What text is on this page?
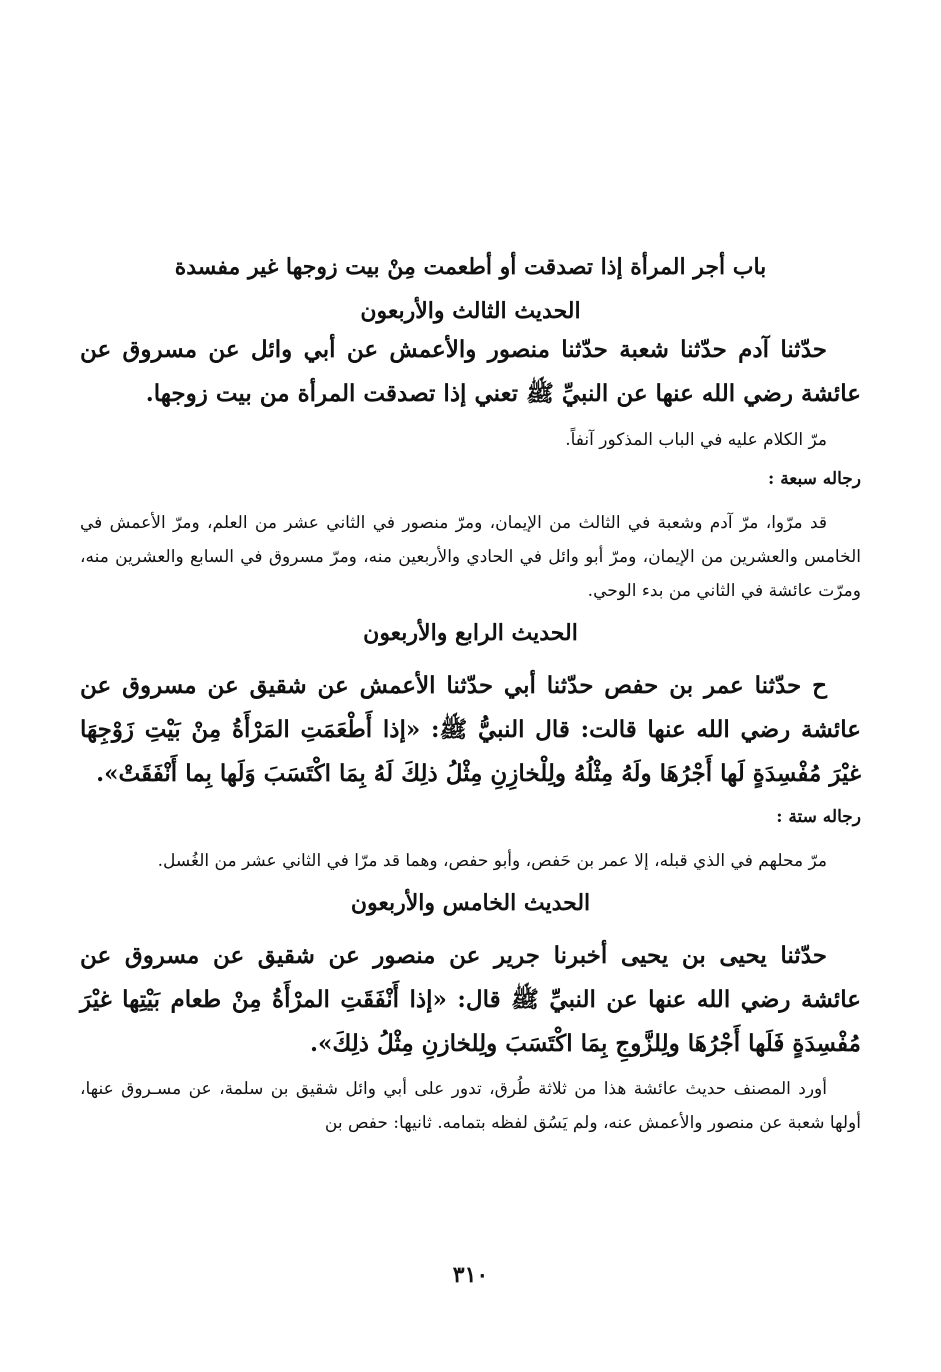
باب أجر المرأة إذا تصدقت أو أطعمت مِنْ بيت زوجها غير مفسدة

الحديث الثالث والأربعون

حدّثنا آدم حدّثنا شعبة حدّثنا منصور والأعمش عن أبي وائل عن مسروق عن عائشة رضي الله عنها عن النبيِّ ﷺ تعني إذا تصدقت المرأة من بيت زوجها.

مرّ الكلام عليه في الباب المذكور آنفاً.

رجاله سبعة :

قد مرّوا، مرّ آدم وشعبة في الثالث من الإيمان، ومرّ منصور في الثاني عشر من العلم، ومرّ الأعمش في الخامس والعشرين من الإيمان، ومرّ أبو وائل في الحادي والأربعين منه، ومرّ مسروق في السابع والعشرين منه، ومرّت عائشة في الثاني من بدء الوحي.

الحديث الرابع والأربعون

ح حدّثنا عمر بن حفص حدّثنا أبي حدّثنا الأعمش عن شقيق عن مسروق عن عائشة رضي الله عنها قالت: قال النبيُّ ﷺ: «إذا أَطْعَمَتِ المَرْأَةُ مِنْ بَيْتِ زَوْجِهَا غيْرَ مُفْسِدَةٍ لَها أَجْرُهَا ولَهُ مِثْلُهُ ولِلْخازِنِ مِثْلُ ذلِكَ لَهُ بِمَا اكْتَسَبَ وَلَها بِما أَنْفَقَتْ».

رجاله ستة :

مرّ محلهم في الذي قبله، إلا عمر بن حَفص، وأبو حفص، وهما قد مرّا في الثاني عشر من الغُسل.

الحديث الخامس والأربعون

حدّثنا يحيى بن يحيى أخبرنا جرير عن منصور عن شقيق عن مسروق عن عائشة رضي الله عنها عن النبيِّ ﷺ قال: «إذا أَنْفَقَتِ المرْأَةُ مِنْ طعام بَيْتِها غيْرَ مُفْسِدَةٍ فَلَها أَجْرُهَا ولِلزَّوجِ بِمَا اكْتَسَبَ ولِلخازنِ مِثْلُ ذلِكَ».

أورد المصنف حديث عائشة هذا من ثلاثة طُرق، تدور على أبي وائل شقيق بن سلمة، عن مسـروق عنها، أولها شعبة عن منصور والأعمش عنه، ولم يَسُق لفظه بتمامه. ثانيها: حفص بن

٣١٠
